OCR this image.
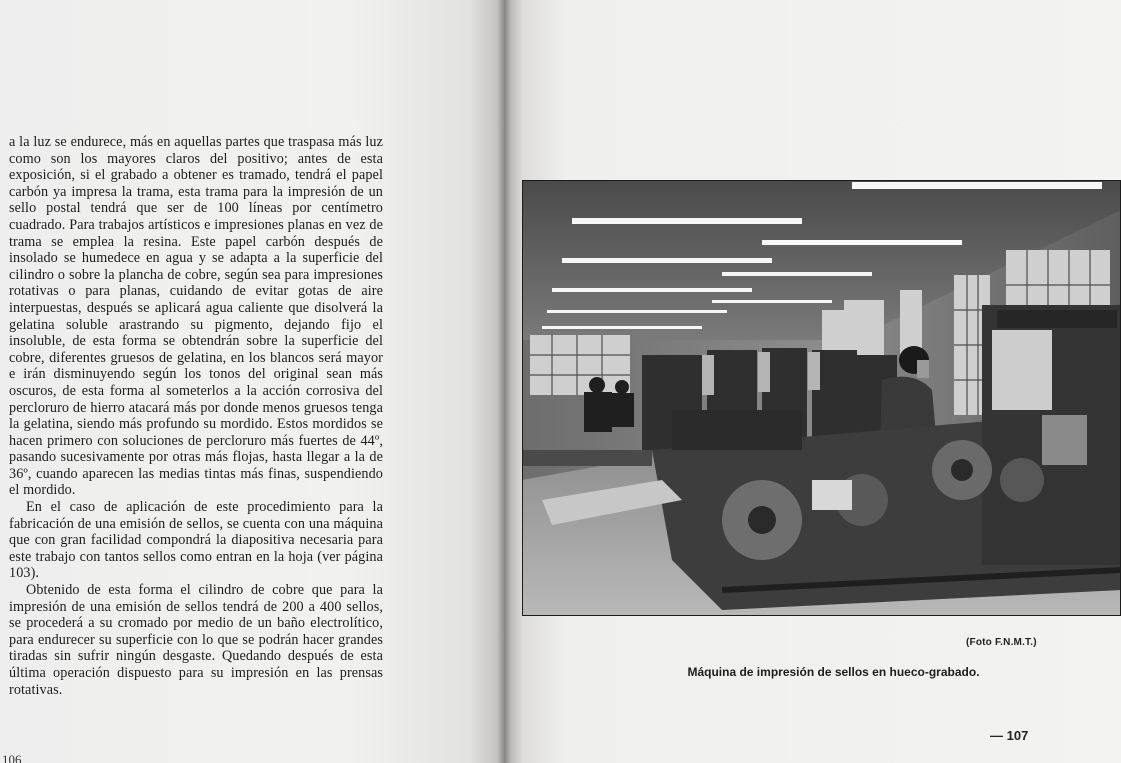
a la luz se endurece, más en aquellas partes que traspasa más luz como son los mayores claros del positivo; antes de esta exposición, si el grabado a obtener es tramado, tendrá el papel carbón ya impresa la trama, esta trama para la impresión de un sello postal tendrá que ser de 100 líneas por centímetro cuadrado. Para trabajos artísticos e impresiones planas en vez de trama se emplea la resina. Este papel carbón después de insolado se humedece en agua y se adapta a la superficie del cilindro o sobre la plancha de cobre, según sea para impresiones rotativas o para planas, cuidando de evitar gotas de aire interpuestas, después se aplicará agua caliente que disolverá la gelatina soluble arastrando su pigmento, dejando fijo el insoluble, de esta forma se obtendrán sobre la superficie del cobre, diferentes gruesos de gelatina, en los blancos será mayor e irán disminuyendo según los tonos del original sean más oscuros, de esta forma al someterlos a la acción corrosiva del percloruro de hierro atacará más por donde menos gruesos tenga la gelatina, siendo más profundo su mordido. Estos mordidos se hacen primero con soluciones de percloruro más fuertes de 44º, pasando sucesivamente por otras más flojas, hasta llegar a la de 36º, cuando aparecen las medias tintas más finas, suspendiendo el mordido.

En el caso de aplicación de este procedimiento para la fabricación de una emisión de sellos, se cuenta con una máquina que con gran facilidad compondrá la diapositiva necesaria para este trabajo con tantos sellos como entran en la hoja (ver página 103).

Obtenido de esta forma el cilindro de cobre que para la impresión de una emisión de sellos tendrá de 200 a 400 sellos, se procederá a su cromado por medio de un baño electrolítico, para endurecer su superficie con lo que se podrán hacer grandes tiradas sin sufrir ningún desgaste. Quedando después de esta última operación dispuesto para su impresión en las prensas rotativas.

106
(Foto F.N.M.T.)
Máquina de impresión de sellos en hueco-grabado.
— 107
